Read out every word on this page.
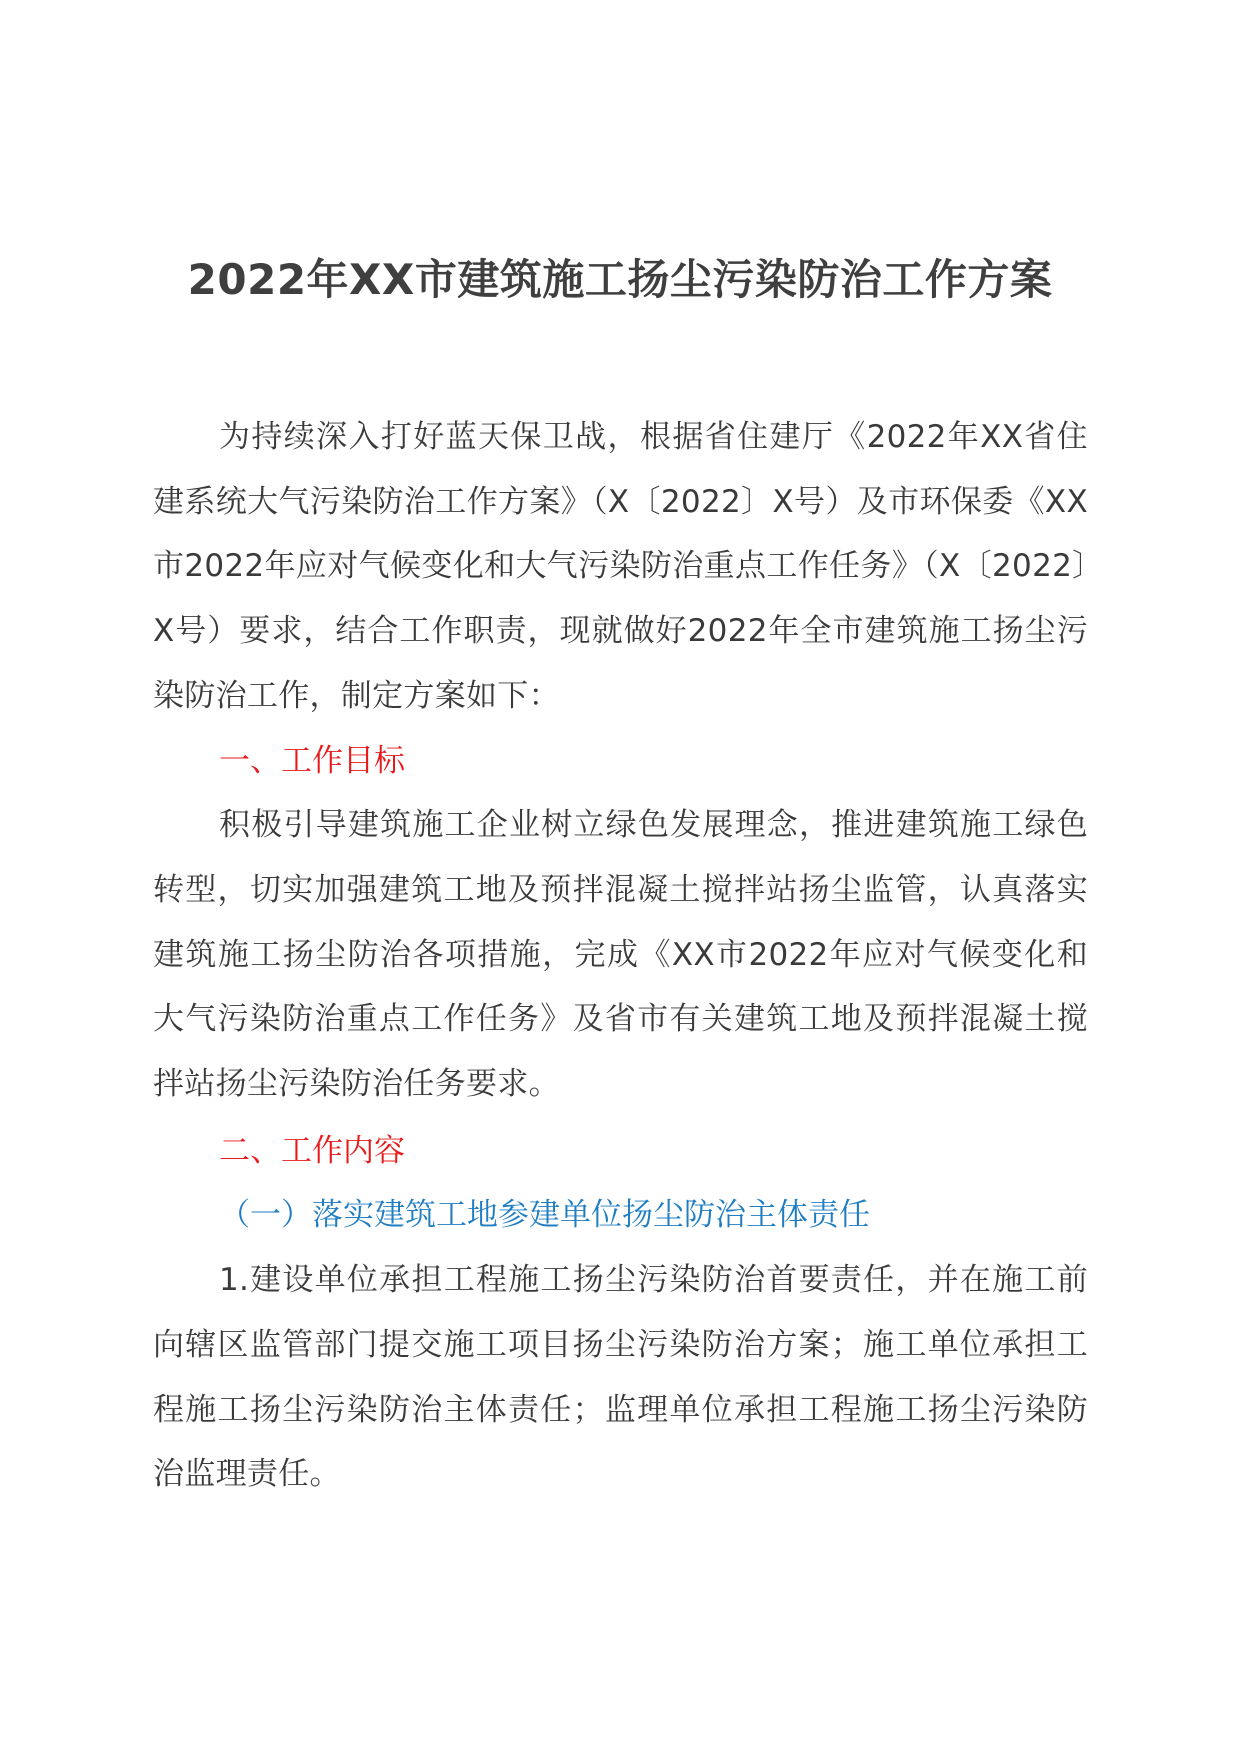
2022年XX市建筑施工扬尘污染防治工作方案

为持续深入打好蓝天保卫战，根据省住建厅《2022年XX省住建系统大气污染防治工作方案》（X〔2022〕X号）及市环保委《XX市2022年应对气候变化和大气污染防治重点工作任务》（X〔2022〕X号）要求，结合工作职责，现就做好2022年全市建筑施工扬尘污染防治工作，制定方案如下：

一、工作目标

积极引导建筑施工企业树立绿色发展理念，推进建筑施工绿色转型，切实加强建筑工地及预拌混凝土搅拌站扬尘监管，认真落实建筑施工扬尘防治各项措施，完成《XX市2022年应对气候变化和大气污染防治重点工作任务》及省市有关建筑工地及预拌混凝土搅拌站扬尘污染防治任务要求。

二、工作内容

（一）落实建筑工地参建单位扬尘防治主体责任

1.建设单位承担工程施工扬尘污染防治首要责任，并在施工前向辖区监管部门提交施工项目扬尘污染防治方案；施工单位承担工程施工扬尘污染防治主体责任；监理单位承担工程施工扬尘污染防治监理责任。
